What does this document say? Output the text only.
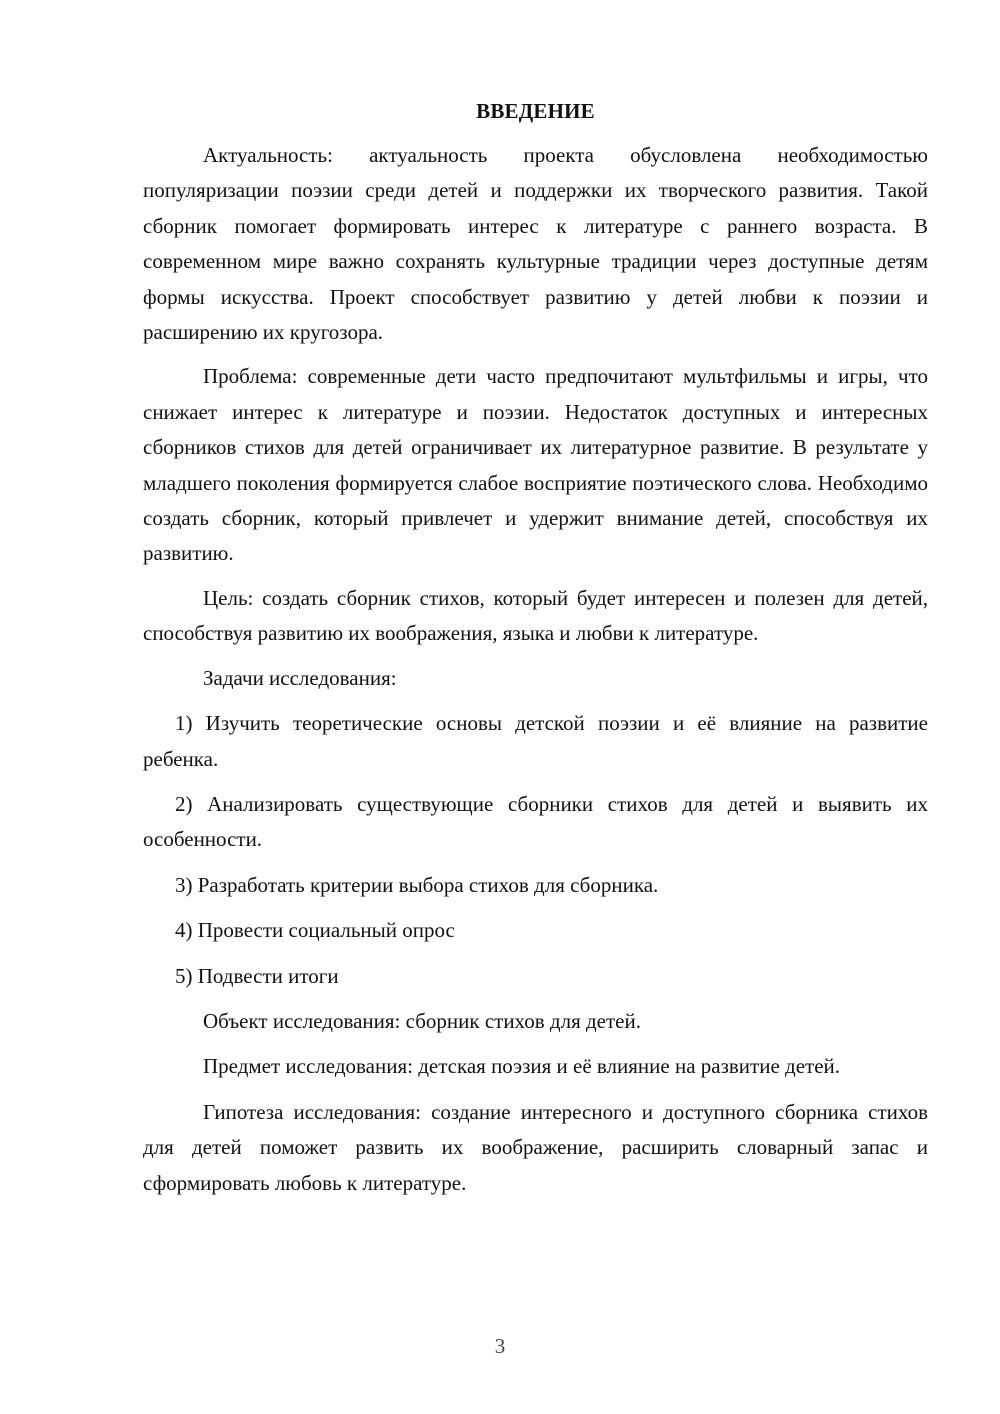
ВВЕДЕНИЕ

Актуальность: актуальность проекта обусловлена необходимостью популяризации поэзии среди детей и поддержки их творческого развития. Такой сборник помогает формировать интерес к литературе с раннего возраста. В современном мире важно сохранять культурные традиции через доступные детям формы искусства. Проект способствует развитию у детей любви к поэзии и расширению их кругозора.

Проблема: современные дети часто предпочитают мультфильмы и игры, что снижает интерес к литературе и поэзии. Недостаток доступных и интересных сборников стихов для детей ограничивает их литературное развитие. В результате у младшего поколения формируется слабое восприятие поэтического слова. Необходимо создать сборник, который привлечет и удержит внимание детей, способствуя их развитию.

Цель: создать сборник стихов, который будет интересен и полезен для детей, способствуя развитию их воображения, языка и любви к литературе.

Задачи исследования:

1) Изучить теоретические основы детской поэзии и её влияние на развитие ребенка.

2) Анализировать существующие сборники стихов для детей и выявить их особенности.

3) Разработать критерии выбора стихов для сборника.

4) Провести социальный опрос

5) Подвести итоги

Объект исследования: сборник стихов для детей.

Предмет исследования: детская поэзия и её влияние на развитие детей.

Гипотеза исследования: создание интересного и доступного сборника стихов для детей поможет развить их воображение, расширить словарный запас и сформировать любовь к литературе.

3
